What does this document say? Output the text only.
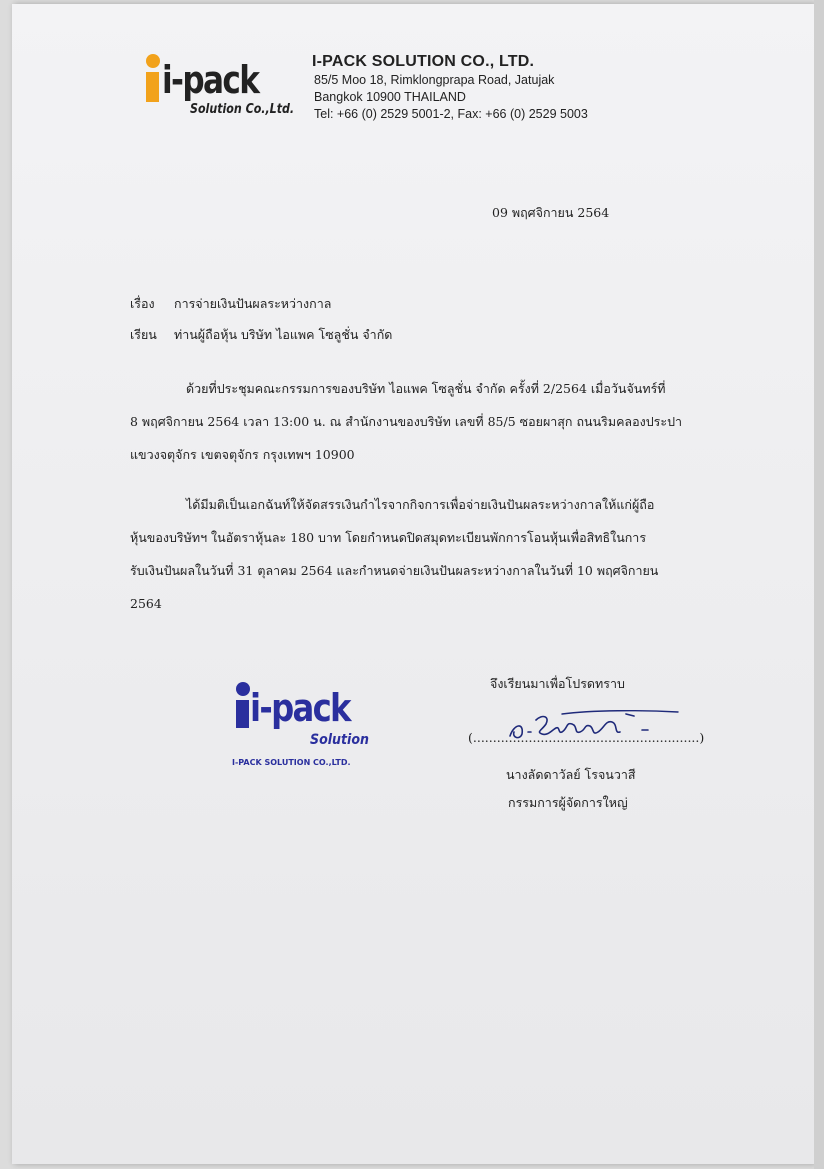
i-pack
Solution Co.,Ltd.
I-PACK SOLUTION CO., LTD.
85/5 Moo 18, Rimklongprapa Road, Jatujak
Bangkok 10900 THAILAND
Tel: +66 (0) 2529 5001-2, Fax: +66 (0) 2529 5003
09 พฤศจิกายน 2564
เรื่อง การจ่ายเงินปันผลระหว่างกาล
เรียน ท่านผู้ถือหุ้น บริษัท ไอแพค โซลูชั่น จำกัด
ด้วยที่ประชุมคณะกรรมการของบริษัท ไอแพค โซลูชั่น จำกัด ครั้งที่ 2/2564 เมื่อวันจันทร์ที่
8 พฤศจิกายน 2564 เวลา 13:00 น. ณ สำนักงานของบริษัท เลขที่ 85/5 ซอยผาสุก ถนนริมคลองประปา
แขวงจตุจักร เขตจตุจักร กรุงเทพฯ 10900
ได้มีมติเป็นเอกฉันท์ให้จัดสรรเงินกำไรจากกิจการเพื่อจ่ายเงินปันผลระหว่างกาลให้แก่ผู้ถือ
หุ้นของบริษัทฯ ในอัตราหุ้นละ 180 บาท โดยกำหนดปิดสมุดทะเบียนพักการโอนหุ้นเพื่อสิทธิในการ
รับเงินปันผลในวันที่ 31 ตุลาคม 2564 และกำหนดจ่ายเงินปันผลระหว่างกาลในวันที่ 10 พฤศจิกายน
2564
i-pack
Solution
I-PACK SOLUTION CO.,LTD.
จึงเรียนมาเพื่อโปรดทราบ
(.........................................................)
นางลัดดาวัลย์ โรจนวาสี
กรรมการผู้จัดการใหญ่
